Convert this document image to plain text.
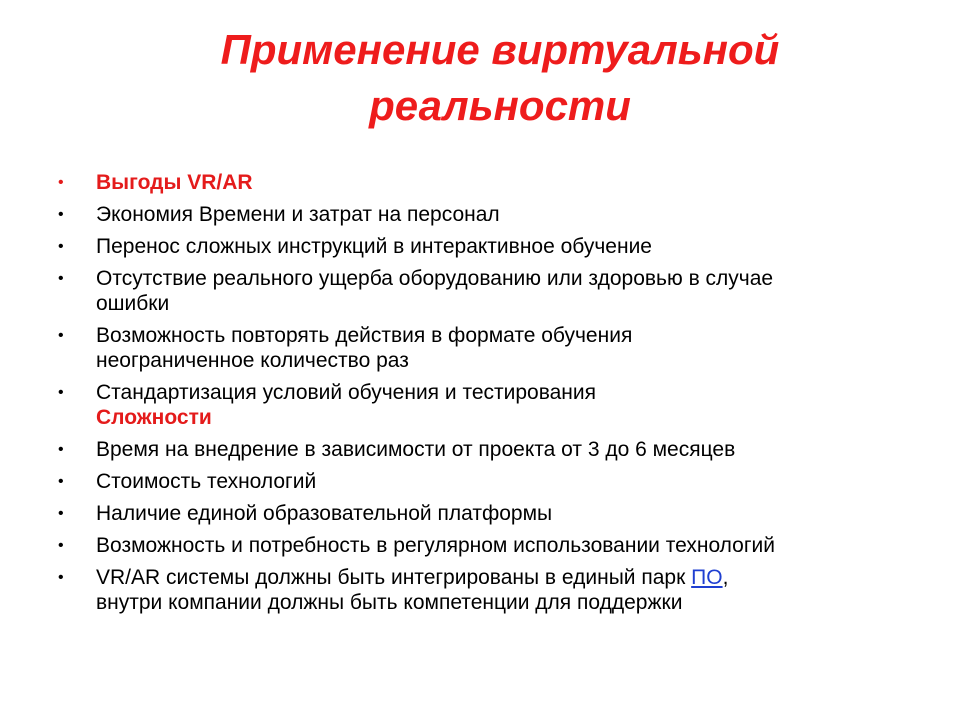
Применение виртуальной
реальности
• Выгоды VR/AR
• Экономия Времени и затрат на персонал
• Перенос сложных инструкций в интерактивное обучение
• Отсутствие реального ущерба оборудованию или здоровью в случае
ошибки
• Возможность повторять действия в формате обучения
неограниченное количество раз
• Стандартизация условий обучения и тестирования
Сложности
• Время на внедрение в зависимости от проекта от 3 до 6 месяцев
• Стоимость технологий
• Наличие единой образовательной платформы
• Возможность и потребность в регулярном использовании технологий
• VR/AR системы должны быть интегрированы в единый парк ПО,
внутри компании должны быть компетенции для поддержки
